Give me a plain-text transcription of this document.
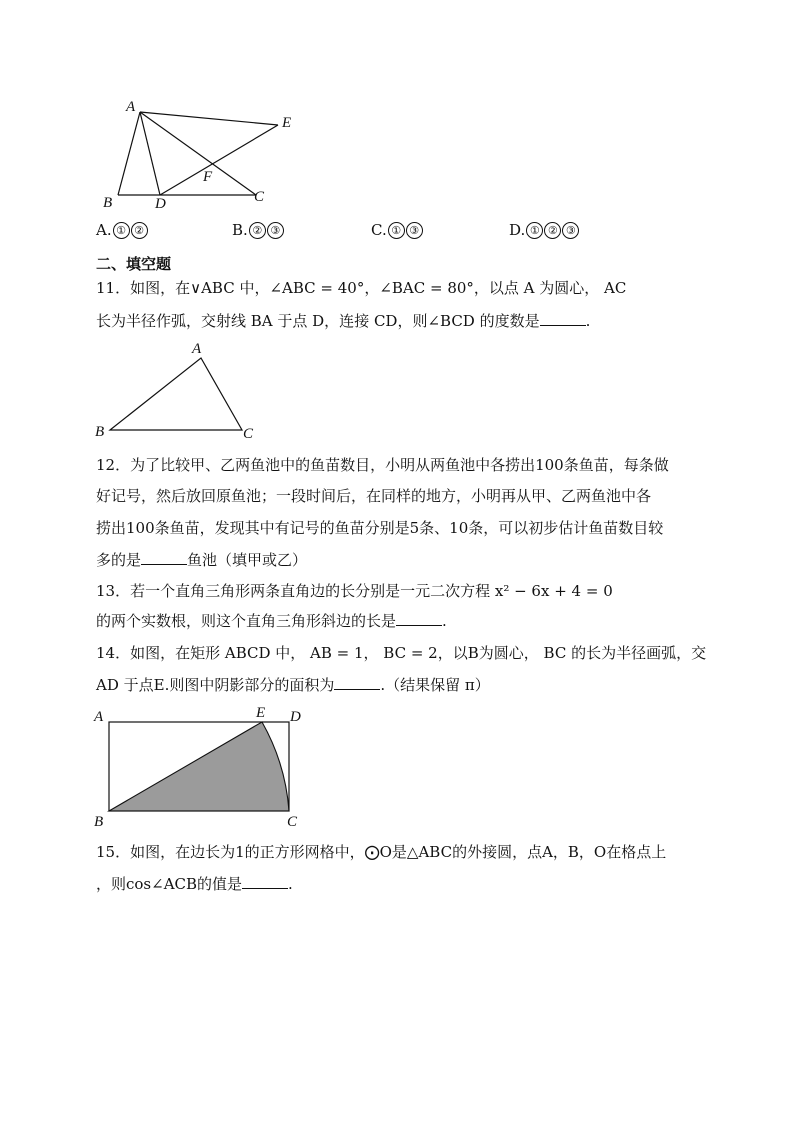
A
B	C
D
E
F
A. ① ②	B. ② ③	C. ① ③	D. ① ② ③
二、填空题
11．如图，在∨ABC 中，∠ABC = 40°，∠BAC = 80°，以点 A 为圆心， AC
长为半径作弧，交射线 BA 于点 D，连接 CD，则∠BCD 的度数是	.
A
B	C
12．为了比较甲、乙两鱼池中的鱼苗数目，小明从两鱼池中各捞出100条鱼苗，每条做
好记号，然后放回原鱼池；一段时间后，在同样的地方，小明再从甲、乙两鱼池中各
捞出100条鱼苗，发现其中有记号的鱼苗分别是5条、10条，可以初步估计鱼苗数目较
多的是	鱼池（填甲或乙）
13．若一个直角三角形两条直角边的长分别是一元二次方程 x² − 6x + 4 = 0
的两个实数根，则这个直角三角形斜边的长是	.
14．如图，在矩形 ABCD 中， AB = 1， BC = 2，以B为圆心， BC 的长为半径画弧，交
AD 于点E.则图中阴影部分的面积为	.（结果保留 π）
A	E D
B	C
15．如图，在边长为1的正方形网格中，⨀O是△ABC的外接圆，点A，B，O在格点上
，则cos∠ACB的值是	.
